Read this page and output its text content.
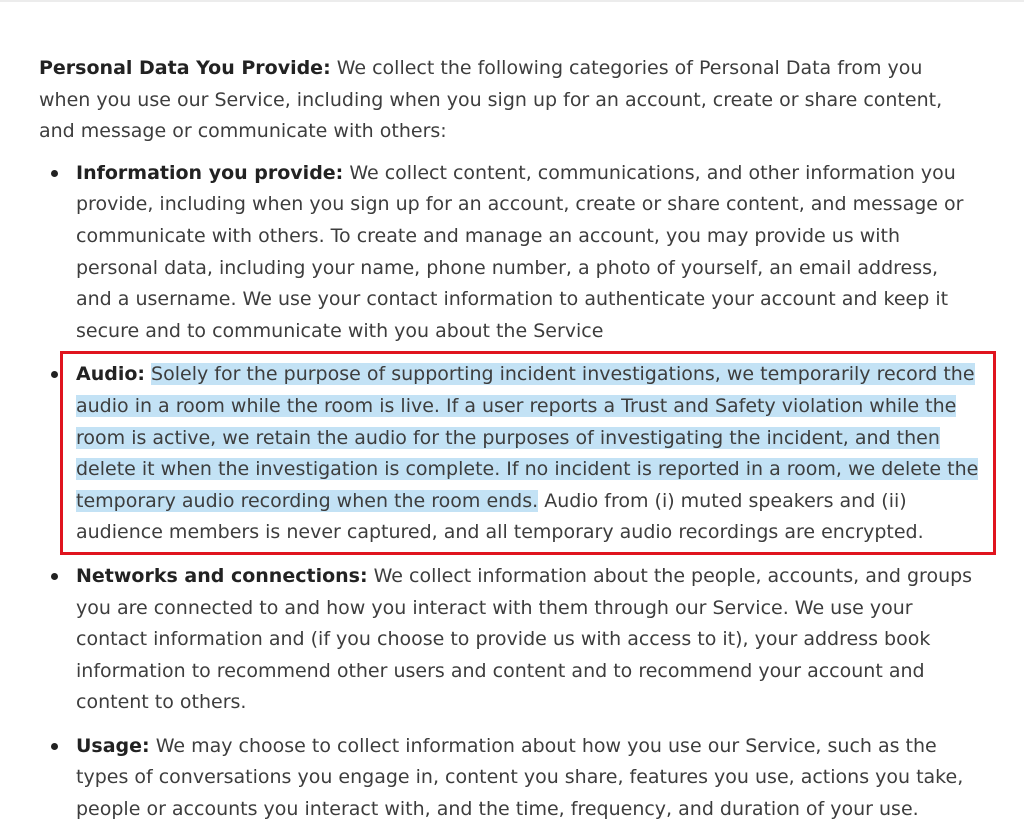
Personal Data You Provide: We collect the following categories of Personal Data from you when you use our Service, including when you sign up for an account, create or share content, and message or communicate with others:

Information you provide: We collect content, communications, and other information you provide, including when you sign up for an account, create or share content, and message or communicate with others. To create and manage an account, you may provide us with personal data, including your name, phone number, a photo of yourself, an email address, and a username. We use your contact information to authenticate your account and keep it secure and to communicate with you about the Service
Audio: Solely for the purpose of supporting incident investigations, we temporarily record the audio in a room while the room is live. If a user reports a Trust and Safety violation while the room is active, we retain the audio for the purposes of investigating the incident, and then delete it when the investigation is complete. If no incident is reported in a room, we delete the temporary audio recording when the room ends. Audio from (i) muted speakers and (ii) audience members is never captured, and all temporary audio recordings are encrypted.
Networks and connections: We collect information about the people, accounts, and groups you are connected to and how you interact with them through our Service. We use your contact information and (if you choose to provide us with access to it), your address book information to recommend other users and content and to recommend your account and content to others.
Usage: We may choose to collect information about how you use our Service, such as the types of conversations you engage in, content you share, features you use, actions you take, people or accounts you interact with, and the time, frequency, and duration of your use.
